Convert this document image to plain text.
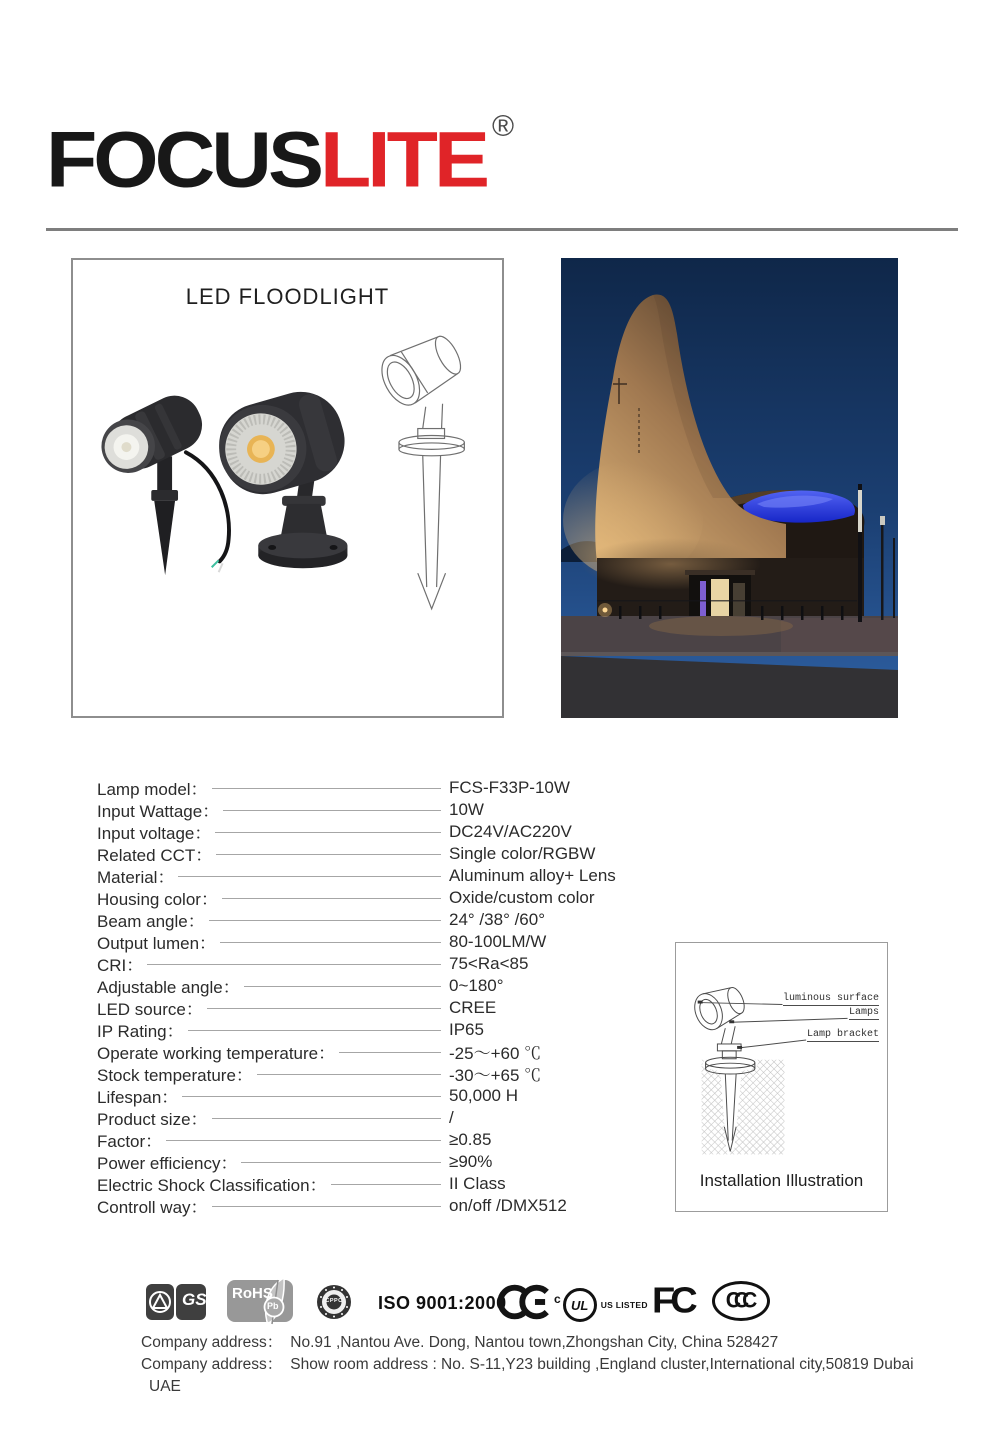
FOCUS LITE ®
LED FLOODLIGHT
Lamp model：	FCS-F33P-10W
Input Wattage：	10W
Input voltage：	DC24V/AC220V
Related CCT：	Single color/RGBW
Material：	Aluminum alloy+ Lens
Housing color：	Oxide/custom color
Beam angle：	24° /38° /60°
Output lumen：	80-100LM/W
CRI：	75<Ra<85
Adjustable angle：	0~180°
LED source：	CREE
IP Rating：	IP65
Operate working temperature：	-25～+60 ℃
Stock temperature：	-30～+65 ℃
Lifespan：	50,000 H
Product size：	/
Factor：	≥0.85
Power efficiency：	≥90%
Electric Shock Classification：	II Class
Controll way：	on/off /DMX512
luminous surface
Lamps
Lamp bracket
Installation Illustration
GS RoHS
Pb	CPPC ISO 9001:2000	c UL US LISTED FC CCC
Company address： No.91 ,Nantou Ave. Dong, Nantou town,Zhongshan City, China 528427
Company address： Show room address : No. S-11,Y23 building ,England cluster,International city,50819 Dubai
UAE
